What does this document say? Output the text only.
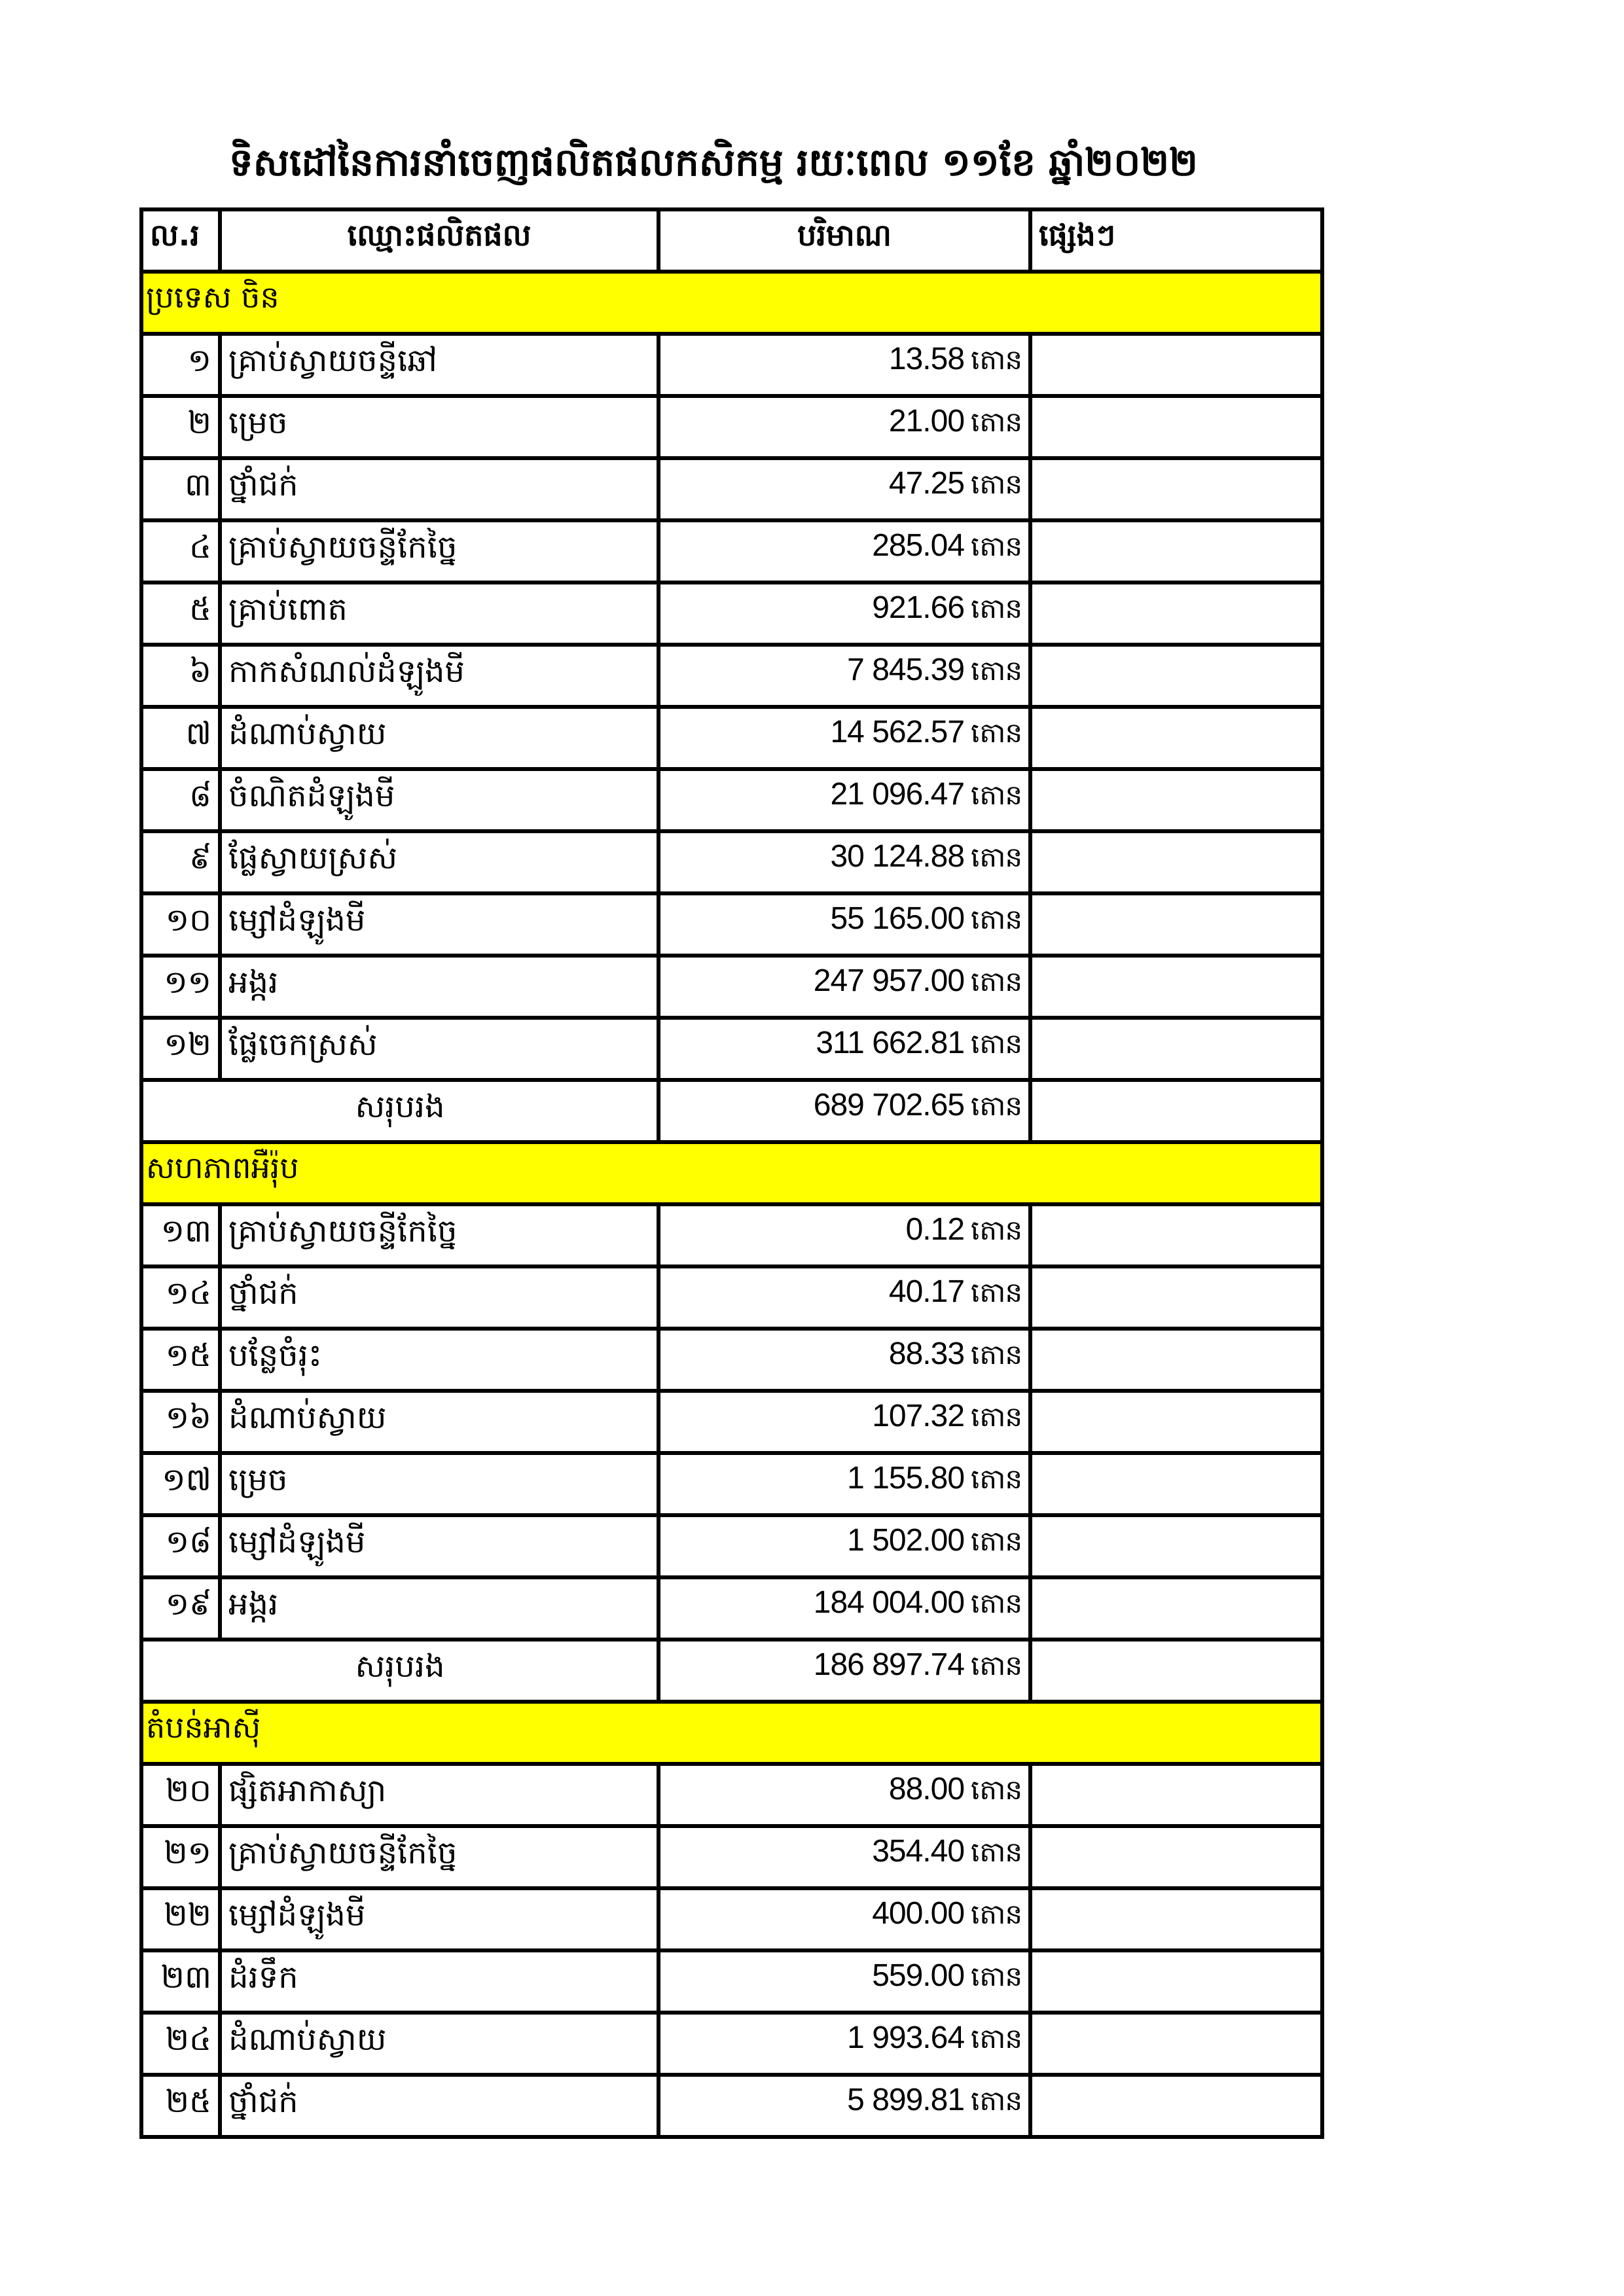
ទិសដៅនៃការនាំចេញផលិតផលកសិកម្ម រយៈពេល ១១ខែ ឆ្នាំ២០២២
ល.រ	ឈ្មោះផលិតផល	បរិមាណ	ផ្សេងៗ
ប្រទេស ចិន			
១	គ្រាប់ស្វាយចន្ទីឆៅ	13.58 តោន	
២	ម្រេច	21.00 តោន	
៣	ថ្នាំជក់	47.25 តោន	
៤	គ្រាប់ស្វាយចន្ទីកែច្នៃ	285.04 តោន	
៥	គ្រាប់ពោត	921.66 តោន	
៦	កាកសំណល់ដំឡូងមី	7 845.39 តោន	
៧	ដំណាប់ស្វាយ	14 562.57 តោន	
៨	ចំណិតដំឡូងមី	21 096.47 តោន	
៩	ផ្លែស្វាយស្រស់	30 124.88 តោន	
១០	ម្សៅដំឡូងមី	55 165.00 តោន	
១១	អង្ករ	247 957.00 តោន	
១២	ផ្លែចេកស្រស់	311 662.81 តោន	
សរុបរង		689 702.65 តោន	
សហភាពអឺរ៉ុប			
១៣	គ្រាប់ស្វាយចន្ទីកែច្នៃ	0.12 តោន	
១៤	ថ្នាំជក់	40.17 តោន	
១៥	បន្លែចំរុះ	88.33 តោន	
១៦	ដំណាប់ស្វាយ	107.32 តោន	
១៧	ម្រេច	1 155.80 តោន	
១៨	ម្សៅដំឡូងមី	1 502.00 តោន	
១៩	អង្ករ	184 004.00 តោន	
សរុបរង		186 897.74 តោន	
តំបន់អាស៊ី			
២០	ផ្សិតអាកាស្យា	88.00 តោន	
២១	គ្រាប់ស្វាយចន្ទីកែច្នៃ	354.40 តោន	
២២	ម្សៅដំឡូងមី	400.00 តោន	
២៣	ដំរទឹក	559.00 តោន	
២៤	ដំណាប់ស្វាយ	1 993.64 តោន	
២៥	ថ្នាំជក់	5 899.81 តោន	
